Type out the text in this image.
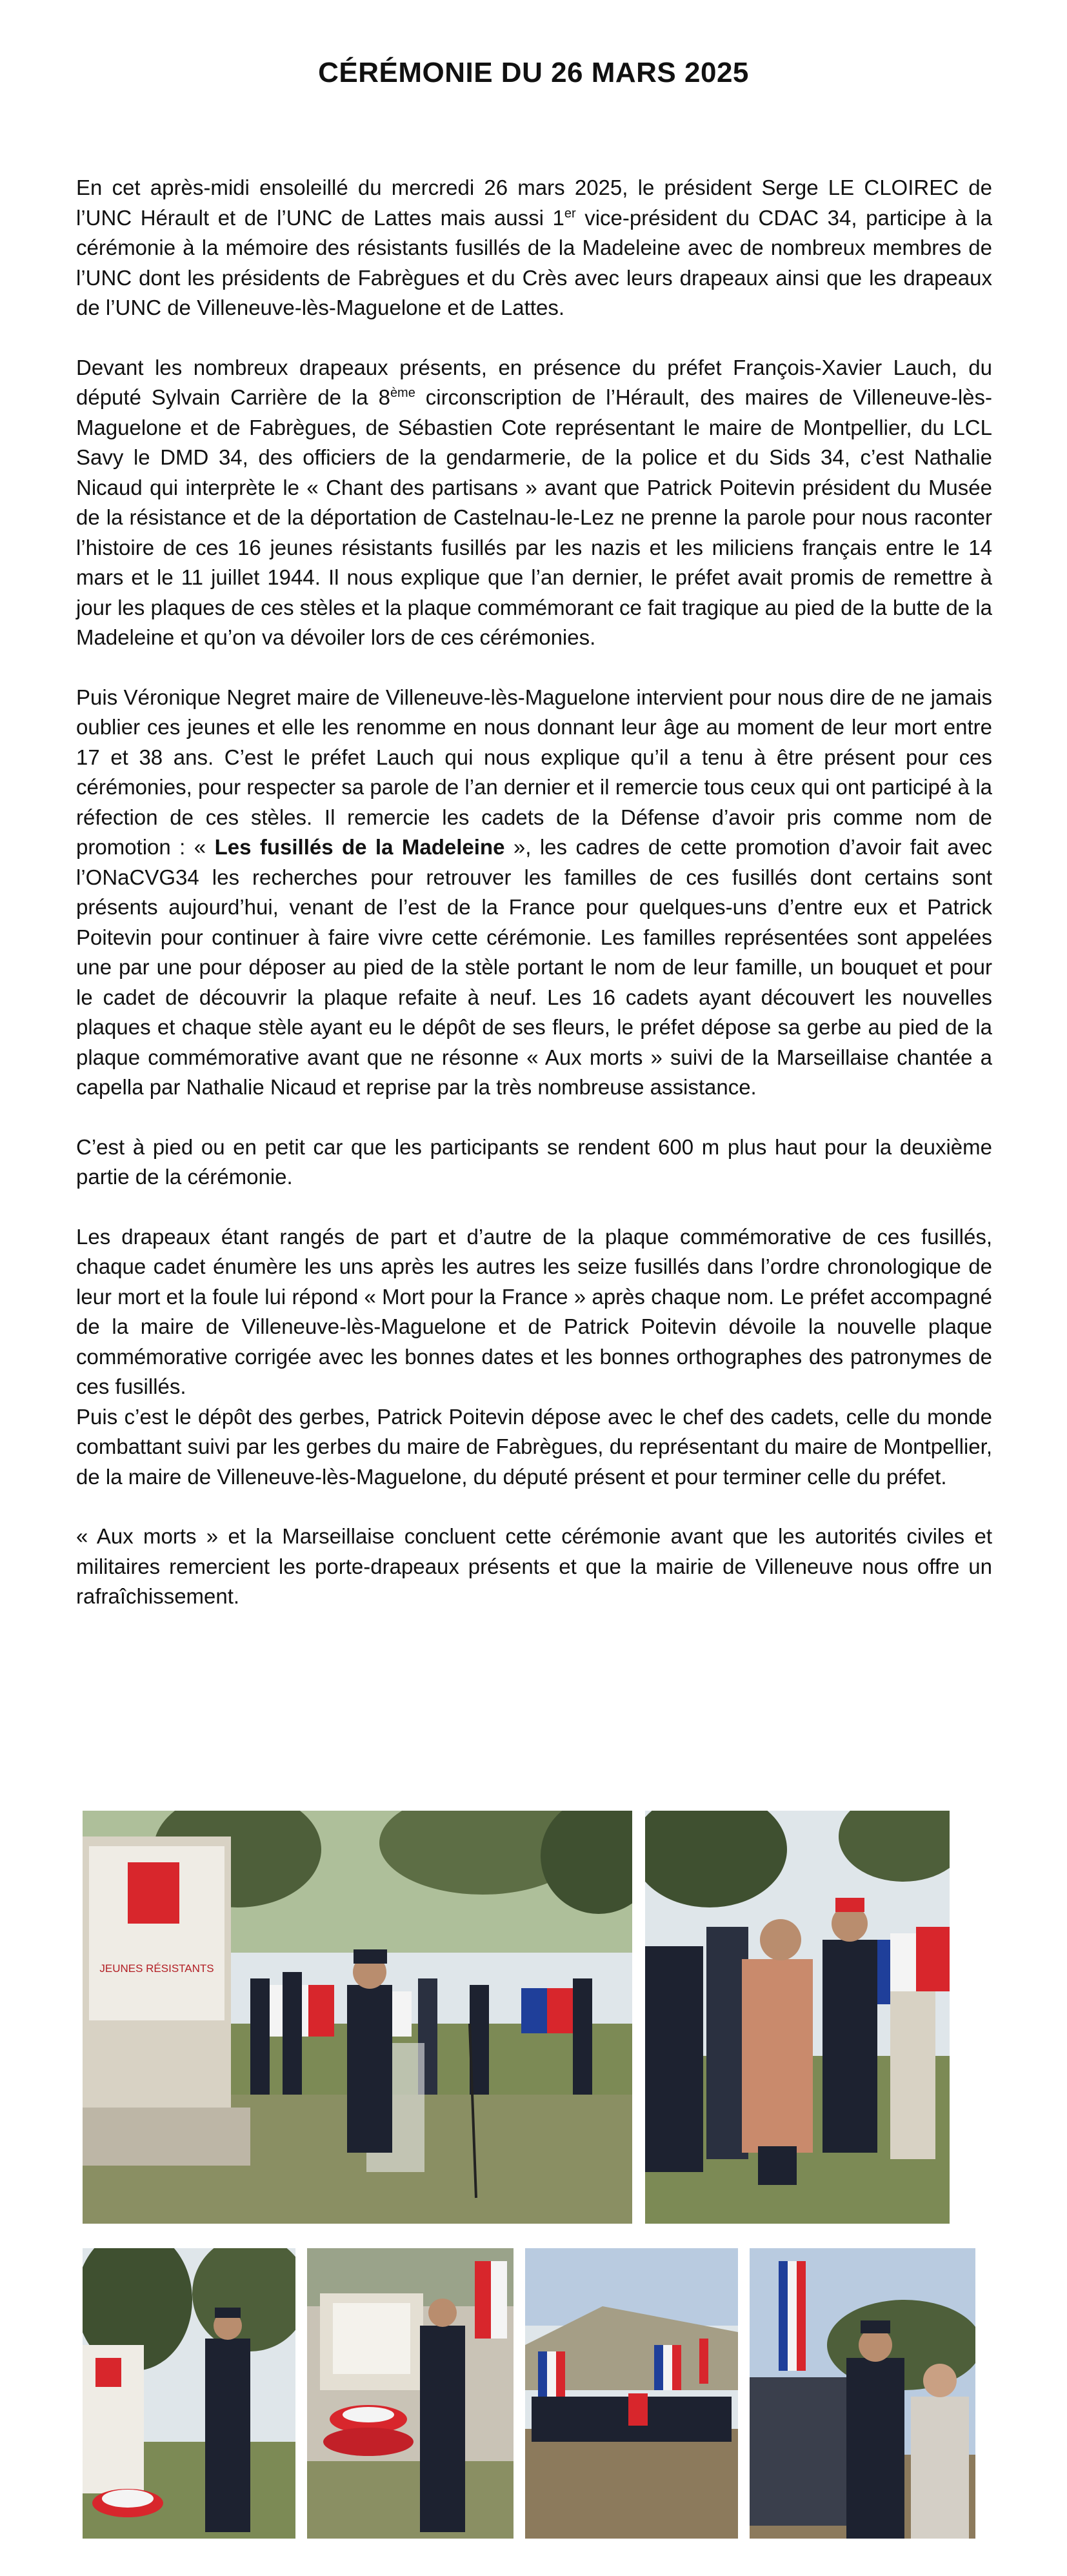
CÉRÉMONIE DU 26 MARS 2025

En cet après-midi ensoleillé du mercredi 26 mars 2025, le président Serge LE CLOIREC de l’UNC Hérault et de l’UNC de Lattes mais aussi 1er vice-président du CDAC 34, participe à la cérémonie à la mémoire des résistants fusillés de la Madeleine avec de nombreux membres de l’UNC dont les présidents de Fabrègues et du Crès avec leurs drapeaux ainsi que les drapeaux de l’UNC de Villeneuve-lès-Maguelone et de Lattes.

Devant les nombreux drapeaux présents, en présence du préfet François-Xavier Lauch, du député Sylvain Carrière de la 8ème circonscription de l’Hérault, des maires de Villeneuve-lès- Maguelone et de Fabrègues, de Sébastien Cote représentant le maire de Montpellier, du LCL Savy le DMD 34, des officiers de la gendarmerie, de la police et du Sids 34, c’est Nathalie Nicaud qui interprète le « Chant des partisans » avant que Patrick Poitevin président du Musée de la résistance et de la déportation de Castelnau-le-Lez ne prenne la parole pour nous raconter l’histoire de ces 16 jeunes résistants fusillés par les nazis et les miliciens français entre le 14 mars et le 11 juillet 1944. Il nous explique que l’an dernier, le préfet avait promis de remettre à jour les plaques de ces stèles et la plaque commémorant ce fait tragique au pied de la butte de la Madeleine et qu’on va dévoiler lors de ces cérémonies.

Puis Véronique Negret maire de Villeneuve-lès-Maguelone intervient pour nous dire de ne jamais oublier ces jeunes et elle les renomme en nous donnant leur âge au moment de leur mort entre 17 et 38 ans. C’est le préfet Lauch qui nous explique qu’il a tenu à être présent pour ces cérémonies, pour respecter sa parole de l’an dernier et il remercie tous ceux qui ont participé à la réfection de ces stèles. Il remercie les cadets de la Défense d’avoir pris comme nom de promotion : « Les fusillés de la Madeleine », les cadres de cette promotion d’avoir fait avec l’ONaCVG34 les recherches pour retrouver les familles de ces fusillés dont certains sont présents aujourd’hui, venant de l’est de la France pour quelques-uns d’entre eux et Patrick Poitevin pour continuer à faire vivre cette cérémonie. Les familles représentées sont appelées une par une pour déposer au pied de la stèle portant le nom de leur famille, un bouquet et pour le cadet de découvrir la plaque refaite à neuf. Les 16 cadets ayant découvert les nouvelles plaques et chaque stèle ayant eu le dépôt de ses fleurs, le préfet dépose sa gerbe au pied de la plaque commémorative avant que ne résonne « Aux morts » suivi de la Marseillaise chantée a capella par Nathalie Nicaud et reprise par la très nombreuse assistance.

C’est à pied ou en petit car que les participants se rendent 600 m plus haut pour la deuxième partie de la cérémonie.

Les drapeaux étant rangés de part et d’autre de la plaque commémorative de ces fusillés, chaque cadet énumère les uns après les autres les seize fusillés dans l’ordre chronologique de leur mort et la foule lui répond « Mort pour la France » après chaque nom. Le préfet accompagné de la maire de Villeneuve-lès-Maguelone et de Patrick Poitevin dévoile la nouvelle plaque commémorative corrigée avec les bonnes dates et les bonnes orthographes des patronymes de ces fusillés.

Puis c’est le dépôt des gerbes, Patrick Poitevin dépose avec le chef des cadets, celle du monde combattant suivi par les gerbes du maire de Fabrègues, du représentant du maire de Montpellier, de la maire de Villeneuve-lès-Maguelone, du député présent et pour terminer celle du préfet.

« Aux morts » et la Marseillaise concluent cette cérémonie avant que les autorités civiles et militaires remercient les porte-drapeaux présents et que la mairie de Villeneuve nous offre un rafraîchissement.

JEUNES RÉSISTANTS
